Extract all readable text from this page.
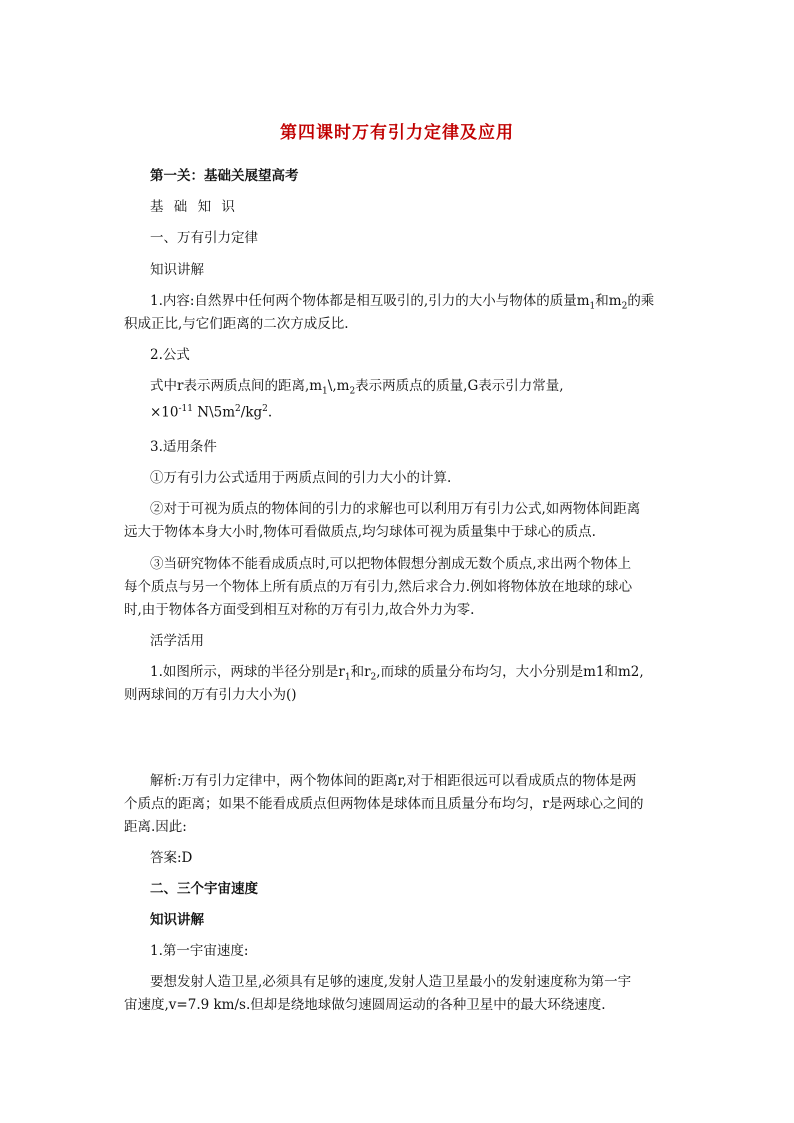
第四课时万有引力定律及应用

第一关：基础关展望高考

基 础 知 识

一、万有引力定律

知识讲解

1.内容:自然界中任何两个物体都是相互吸引的,引力的大小与物体的质量$m_1$和$m_2$的乘

积成正比,与它们距离的二次方成反比.

2.公式

式中r表示两质点间的距离$,m_1\backslash,m_2$表示两质点的质量,G表示引力常量,

$\times 10^{-11}$ $N\backslash 5m^2/kg^2$.

3.适用条件

①万有引力公式适用于两质点间的引力大小的计算.

②对于可视为质点的物体间的引力的求解也可以利用万有引力公式,如两物体间距离

远大于物体本身大小时,物体可看做质点,均匀球体可视为质量集中于球心的质点.

③当研究物体不能看成质点时,可以把物体假想分割成无数个质点,求出两个物体上

每个质点与另一个物体上所有质点的万有引力,然后求合力.例如将物体放在地球的球心

时,由于物体各方面受到相互对称的万有引力,故合外力为零.

活学活用

1.如图所示，两球的半径分别是$r_1$和$r_2$,而球的质量分布均匀，大小分别是m1和m2,

则两球间的万有引力大小为()

解析:万有引力定律中，两个物体间的距离r,对于相距很远可以看成质点的物体是两

个质点的距离；如果不能看成质点但两物体是球体而且质量分布均匀，r是两球心之间的

距离.因此:

答案:D

二、三个宇宙速度

知识讲解

1.第一宇宙速度:

要想发射人造卫星,必须具有足够的速度,发射人造卫星最小的发射速度称为第一宇

宙速度,v=7.9 km/s.但却是绕地球做匀速圆周运动的各种卫星中的最大环绕速度.
